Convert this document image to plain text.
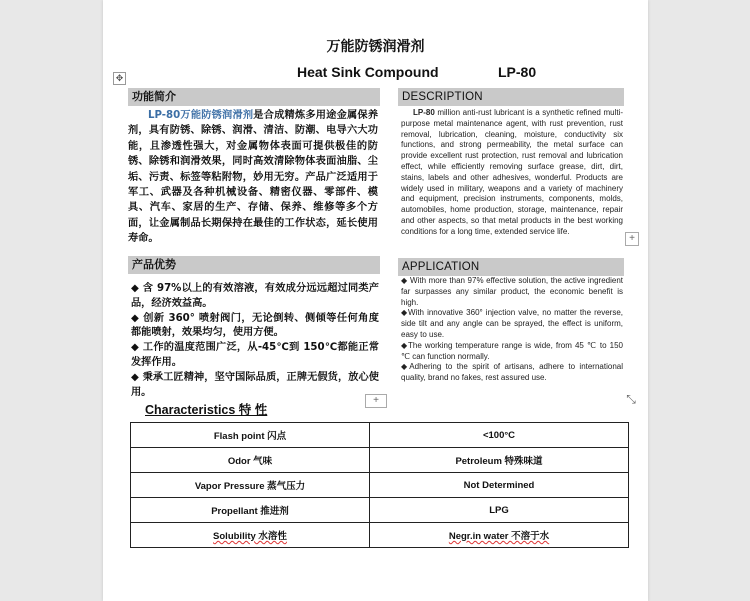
✥
万能防锈润滑剂
Heat Sink Compound	LP-80
功能简介
LP-80万能防锈润滑剂是合成精炼多用途金属保养剂，具有防锈、除锈、润滑、清洁、防潮、电导六大功能，且渗透性强大，对金属物体表面可提供极佳的防锈、除锈和润滑效果，同时高效清除物体表面油脂、尘垢、污责、标签等粘附物，妙用无穷。产品广泛适用于军工、武器及各种机械设备、精密仪器、零部件、模具、汽车、家居的生产、存储、保养、维修等多个方面，让金属制品长期保持在最佳的工作状态，延长使用寿命。
DESCRIPTION
LP-80 million anti-rust lubricant is a synthetic refined multi-purpose metal maintenance agent, with rust prevention, rust removal, lubrication, cleaning, moisture, conductivity six functions, and strong permeability, the metal surface can provide excellent rust protection, rust removal and lubrication effect, while efficiently removing surface grease, dirt, dirt, stains, labels and other adhesives, wonderful. Products are widely used in military, weapons and a variety of machinery and equipment, precision instruments, components, molds, automobiles, home production, storage, maintenance, repair and other aspects, so that metal products in the best working conditions for a long time, extended service life.
+
产品优势

◆ 含 97%以上的有效溶液，有效成分远远超过同类产品，经济效益高。

◆ 创新 360° 喷射阀门，无论倒转、侧倾等任何角度都能喷射，效果均匀，使用方便。

◆ 工作的温度范围广泛，从-45℃到 150℃都能正常发挥作用。

◆ 秉承工匠精神，坚守国际品质，正牌无假货，放心使用。

APPLICATION

◆ With more than 97% effective solution, the active ingredient far surpasses any similar product, the economic benefit is high.

◆With innovative 360° injection valve, no matter the reverse, side tilt and any angle can be sprayed, the effect is uniform, easy to use.

◆The working temperature range is wide, from 45 ℃ to 150 ℃ can function normally.

◆Adhering to the spirit of artisans, adhere to international quality, brand no fakes, rest assured use.

+	⤡
Characteristics 特 性
Flash point 闪点	<100°C
Odor 气味	Petroleum 特殊味道
Vapor Pressure 蒸气压力	Not Determined
Propellant 推进剂	LPG
Solubility 水溶性	Negr.in water 不溶于水
